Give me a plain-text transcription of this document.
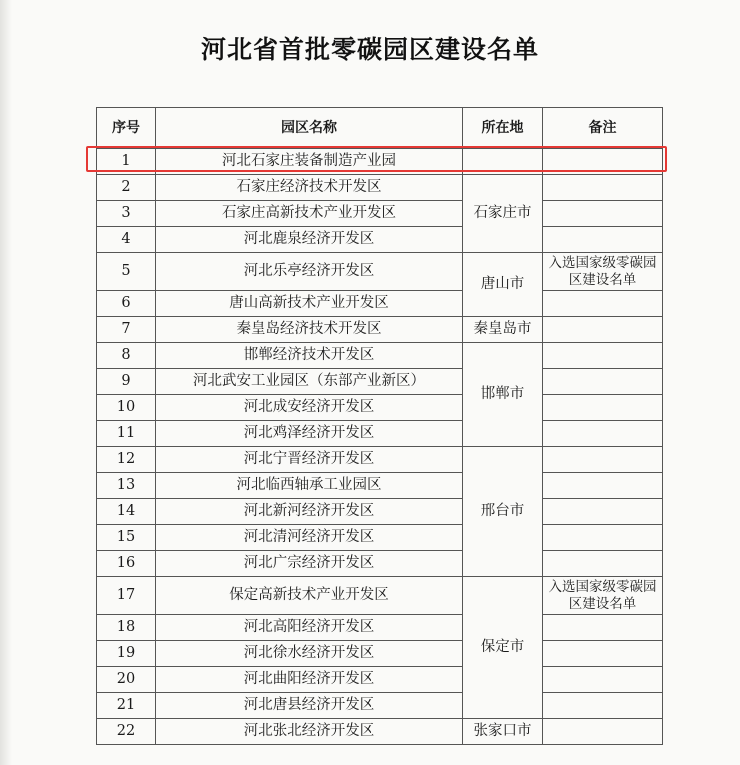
河北省首批零碳园区建设名单
序号	园区名称	所在地	备注
1	河北石家庄装备制造产业园		
2	石家庄经济技术开发区	石家庄市	
3	石家庄高新技术产业开发区		
4	河北鹿泉经济开发区		
5	河北乐亭经济开发区	唐山市	入选国家级零碳园区建设名单
6	唐山高新技术产业开发区		
7	秦皇岛经济技术开发区	秦皇岛市	
8	邯郸经济技术开发区	邯郸市	
9	河北武安工业园区（东部产业新区）		
10	河北成安经济开发区		
11	河北鸡泽经济开发区		
12	河北宁晋经济开发区	邢台市	
13	河北临西轴承工业园区		
14	河北新河经济开发区		
15	河北清河经济开发区		
16	河北广宗经济开发区		
17	保定高新技术产业开发区	保定市	入选国家级零碳园区建设名单
18	河北高阳经济开发区		
19	河北徐水经济开发区		
20	河北曲阳经济开发区		
21	河北唐县经济开发区		
22	河北张北经济开发区	张家口市	
